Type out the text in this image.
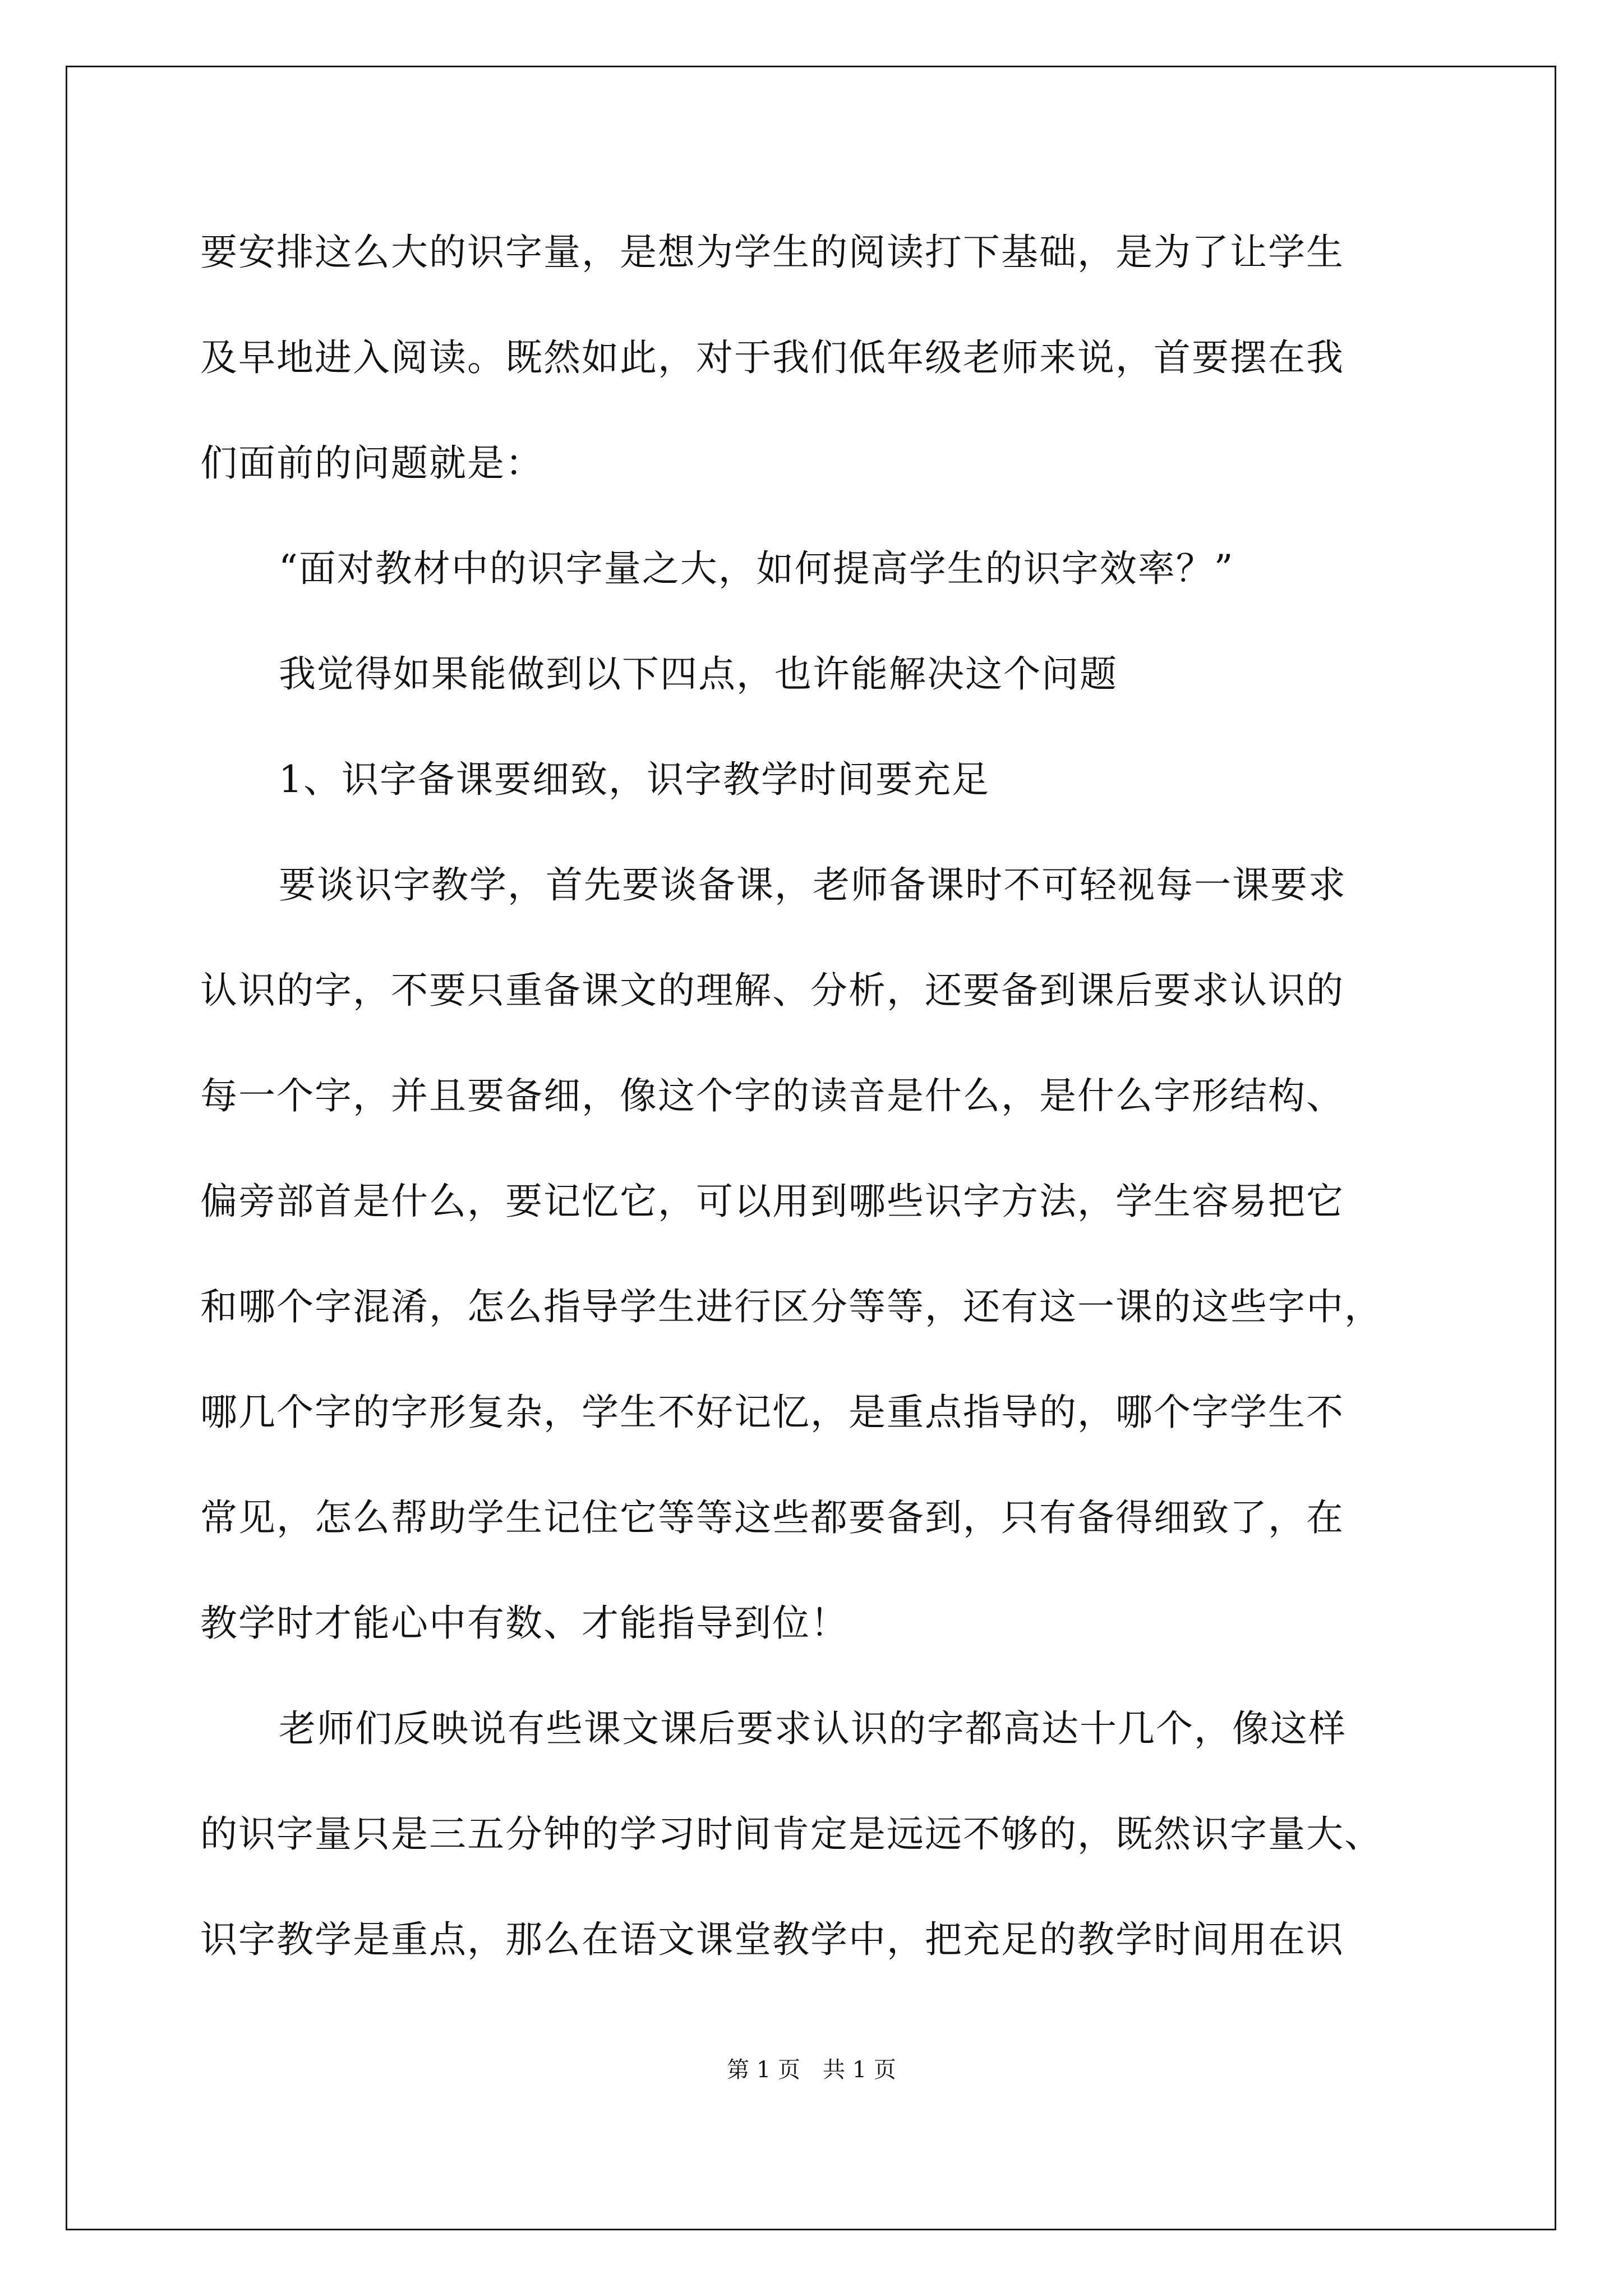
要安排这么大的识字量，是想为学生的阅读打下基础，是为了让学生
及早地进入阅读。既然如此，对于我们低年级老师来说，首要摆在我
们面前的问题就是：
“面对教材中的识字量之大，如何提高学生的识字效率？”
我觉得如果能做到以下四点，也许能解决这个问题
1、识字备课要细致，识字教学时间要充足
要谈识字教学，首先要谈备课，老师备课时不可轻视每一课要求
认识的字，不要只重备课文的理解、分析，还要备到课后要求认识的
每一个字，并且要备细，像这个字的读音是什么，是什么字形结构、
偏旁部首是什么，要记忆它，可以用到哪些识字方法，学生容易把它
和哪个字混淆，怎么指导学生进行区分等等，还有这一课的这些字中，
哪几个字的字形复杂，学生不好记忆，是重点指导的，哪个字学生不
常见，怎么帮助学生记住它等等这些都要备到，只有备得细致了，在
教学时才能心中有数、才能指导到位！
老师们反映说有些课文课后要求认识的字都高达十几个，像这样
的识字量只是三五分钟的学习时间肯定是远远不够的，既然识字量大、
识字教学是重点，那么在语文课堂教学中，把充足的教学时间用在识
第 1 页　共 1 页
